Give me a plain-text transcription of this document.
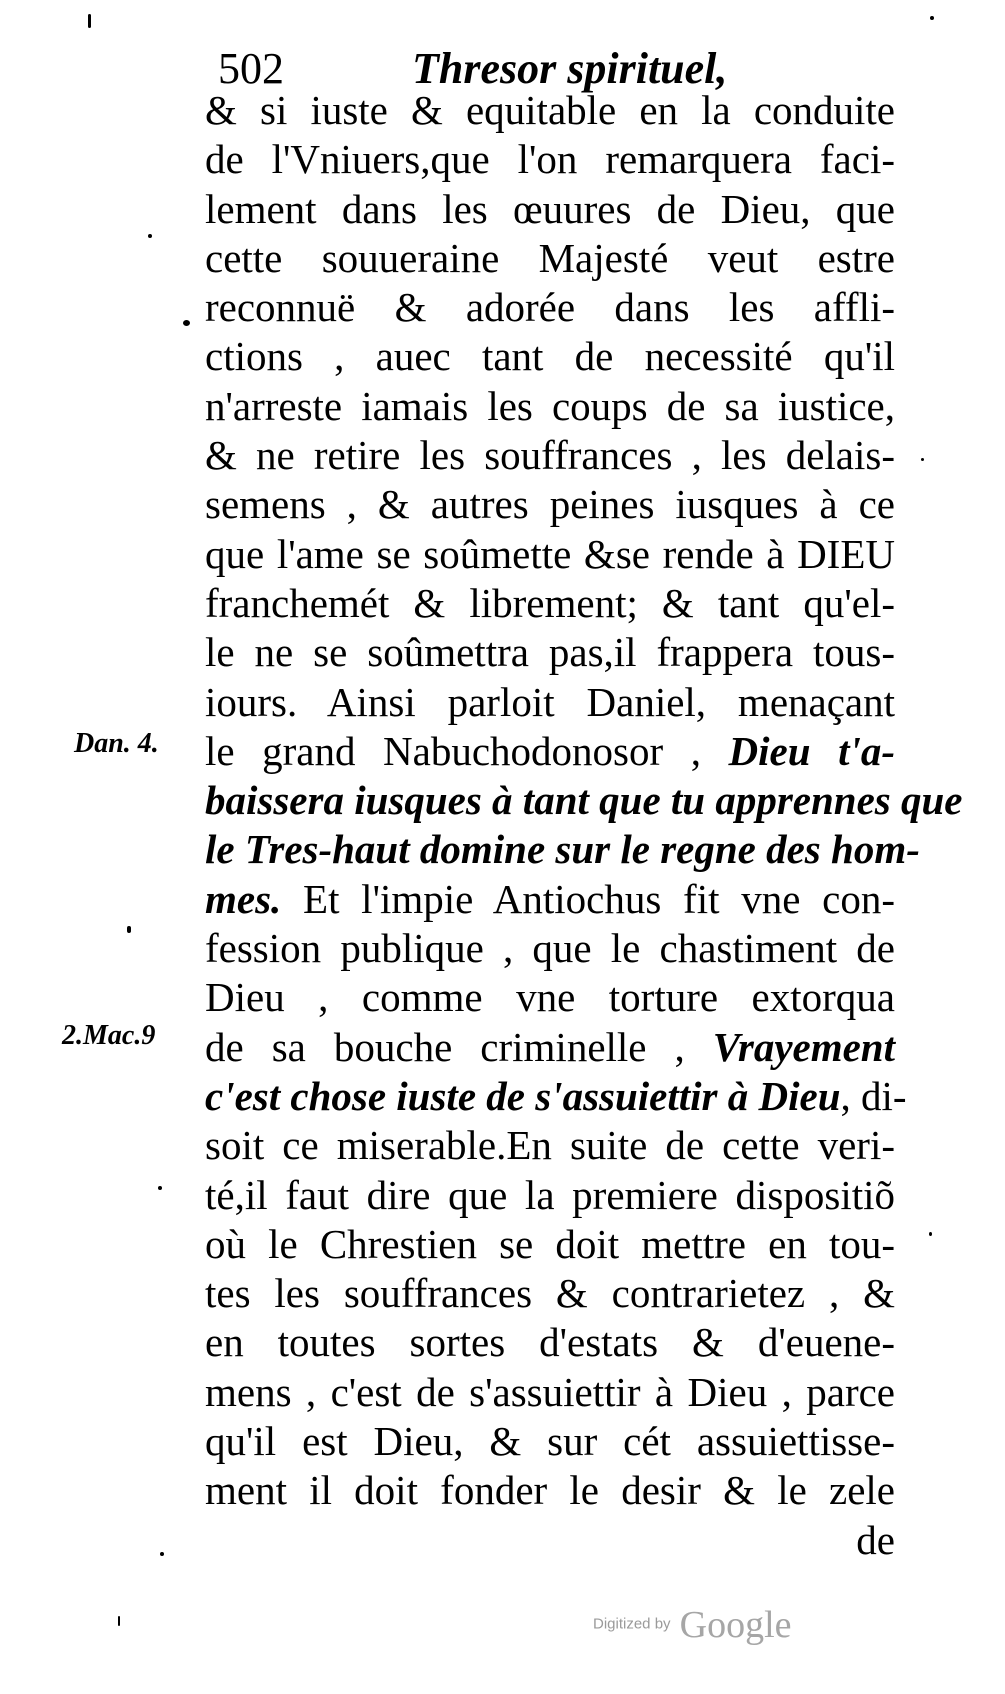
502	Thresor spirituel,
Dan. 4.
2.Mac.9
& si iuste & equitable en la conduite
de l'Vniuers,que l'on remarquera faci-
lement dans les œuures de Dieu, que
cette souueraine Majesté veut estre
reconnuë & adorée dans les affli-
ctions , auec tant de necessité qu'il
n'arreste iamais les coups de sa iustice,
& ne retire les souffrances , les delais-
semens , & autres peines iusques à ce
que l'ame se soûmette &se rende à DIEU
franchemét & librement; & tant qu'el-
le ne se soûmettra pas,il frappera tous-
iours. Ainsi parloit Daniel, menaçant
le grand Nabuchodonosor , Dieu t'a-
baissera iusques à tant que tu apprennes que
le Tres-haut domine sur le regne des hom-
mes. Et l'impie Antiochus fit vne con-
fession publique , que le chastiment de
Dieu , comme vne torture extorqua
de sa bouche criminelle , Vrayement
c'est chose iuste de s'assuiettir à Dieu, di-
soit ce miserable.En suite de cette veri-
té,il faut dire que la premiere dispositiõ
où le Chrestien se doit mettre en tou-
tes les souffrances & contrarietez , &
en toutes sortes d'estats & d'euene-
mens , c'est de s'assuiettir à Dieu , parce
qu'il est Dieu, & sur cét assuiettisse-
ment il doit fonder le desir & le zele
de
Digitized by Google
